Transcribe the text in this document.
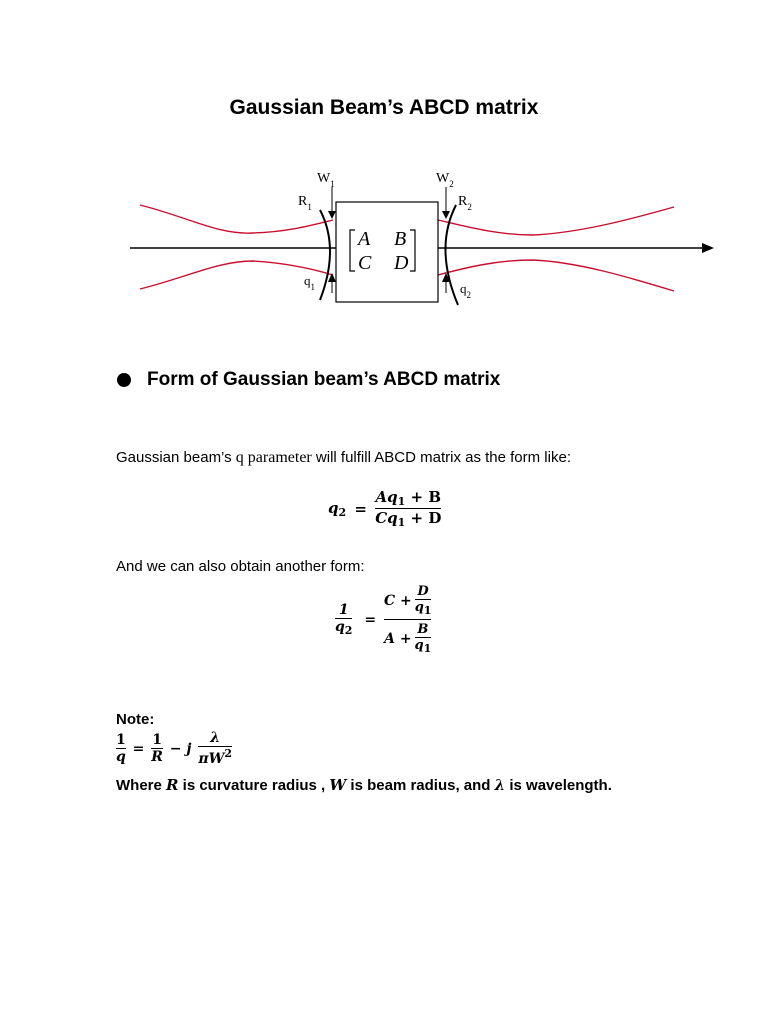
Gaussian Beam’s ABCD matrix
A B
C D
$W_1$	$W_2$
$R_1$	$R_2$
$q_1$	$q_2$
Form of Gaussian beam’s ABCD matrix
Gaussian beam’s q parameter will fulfill ABCD matrix as the form like:
$q_2 = \frac{Aq_1 + B}{Cq_1 + D}$
And we can also obtain another form:
$\frac{1}{q_2} = \frac{C + \frac{D}{q_1}}{A + \frac{B}{q_1}}$
Note:
$\frac{1}{q} = \frac{1}{R} - j \frac{\lambda}{\pi W^2}$
Where R is curvature radius , W is beam radius, and λ is wavelength.
